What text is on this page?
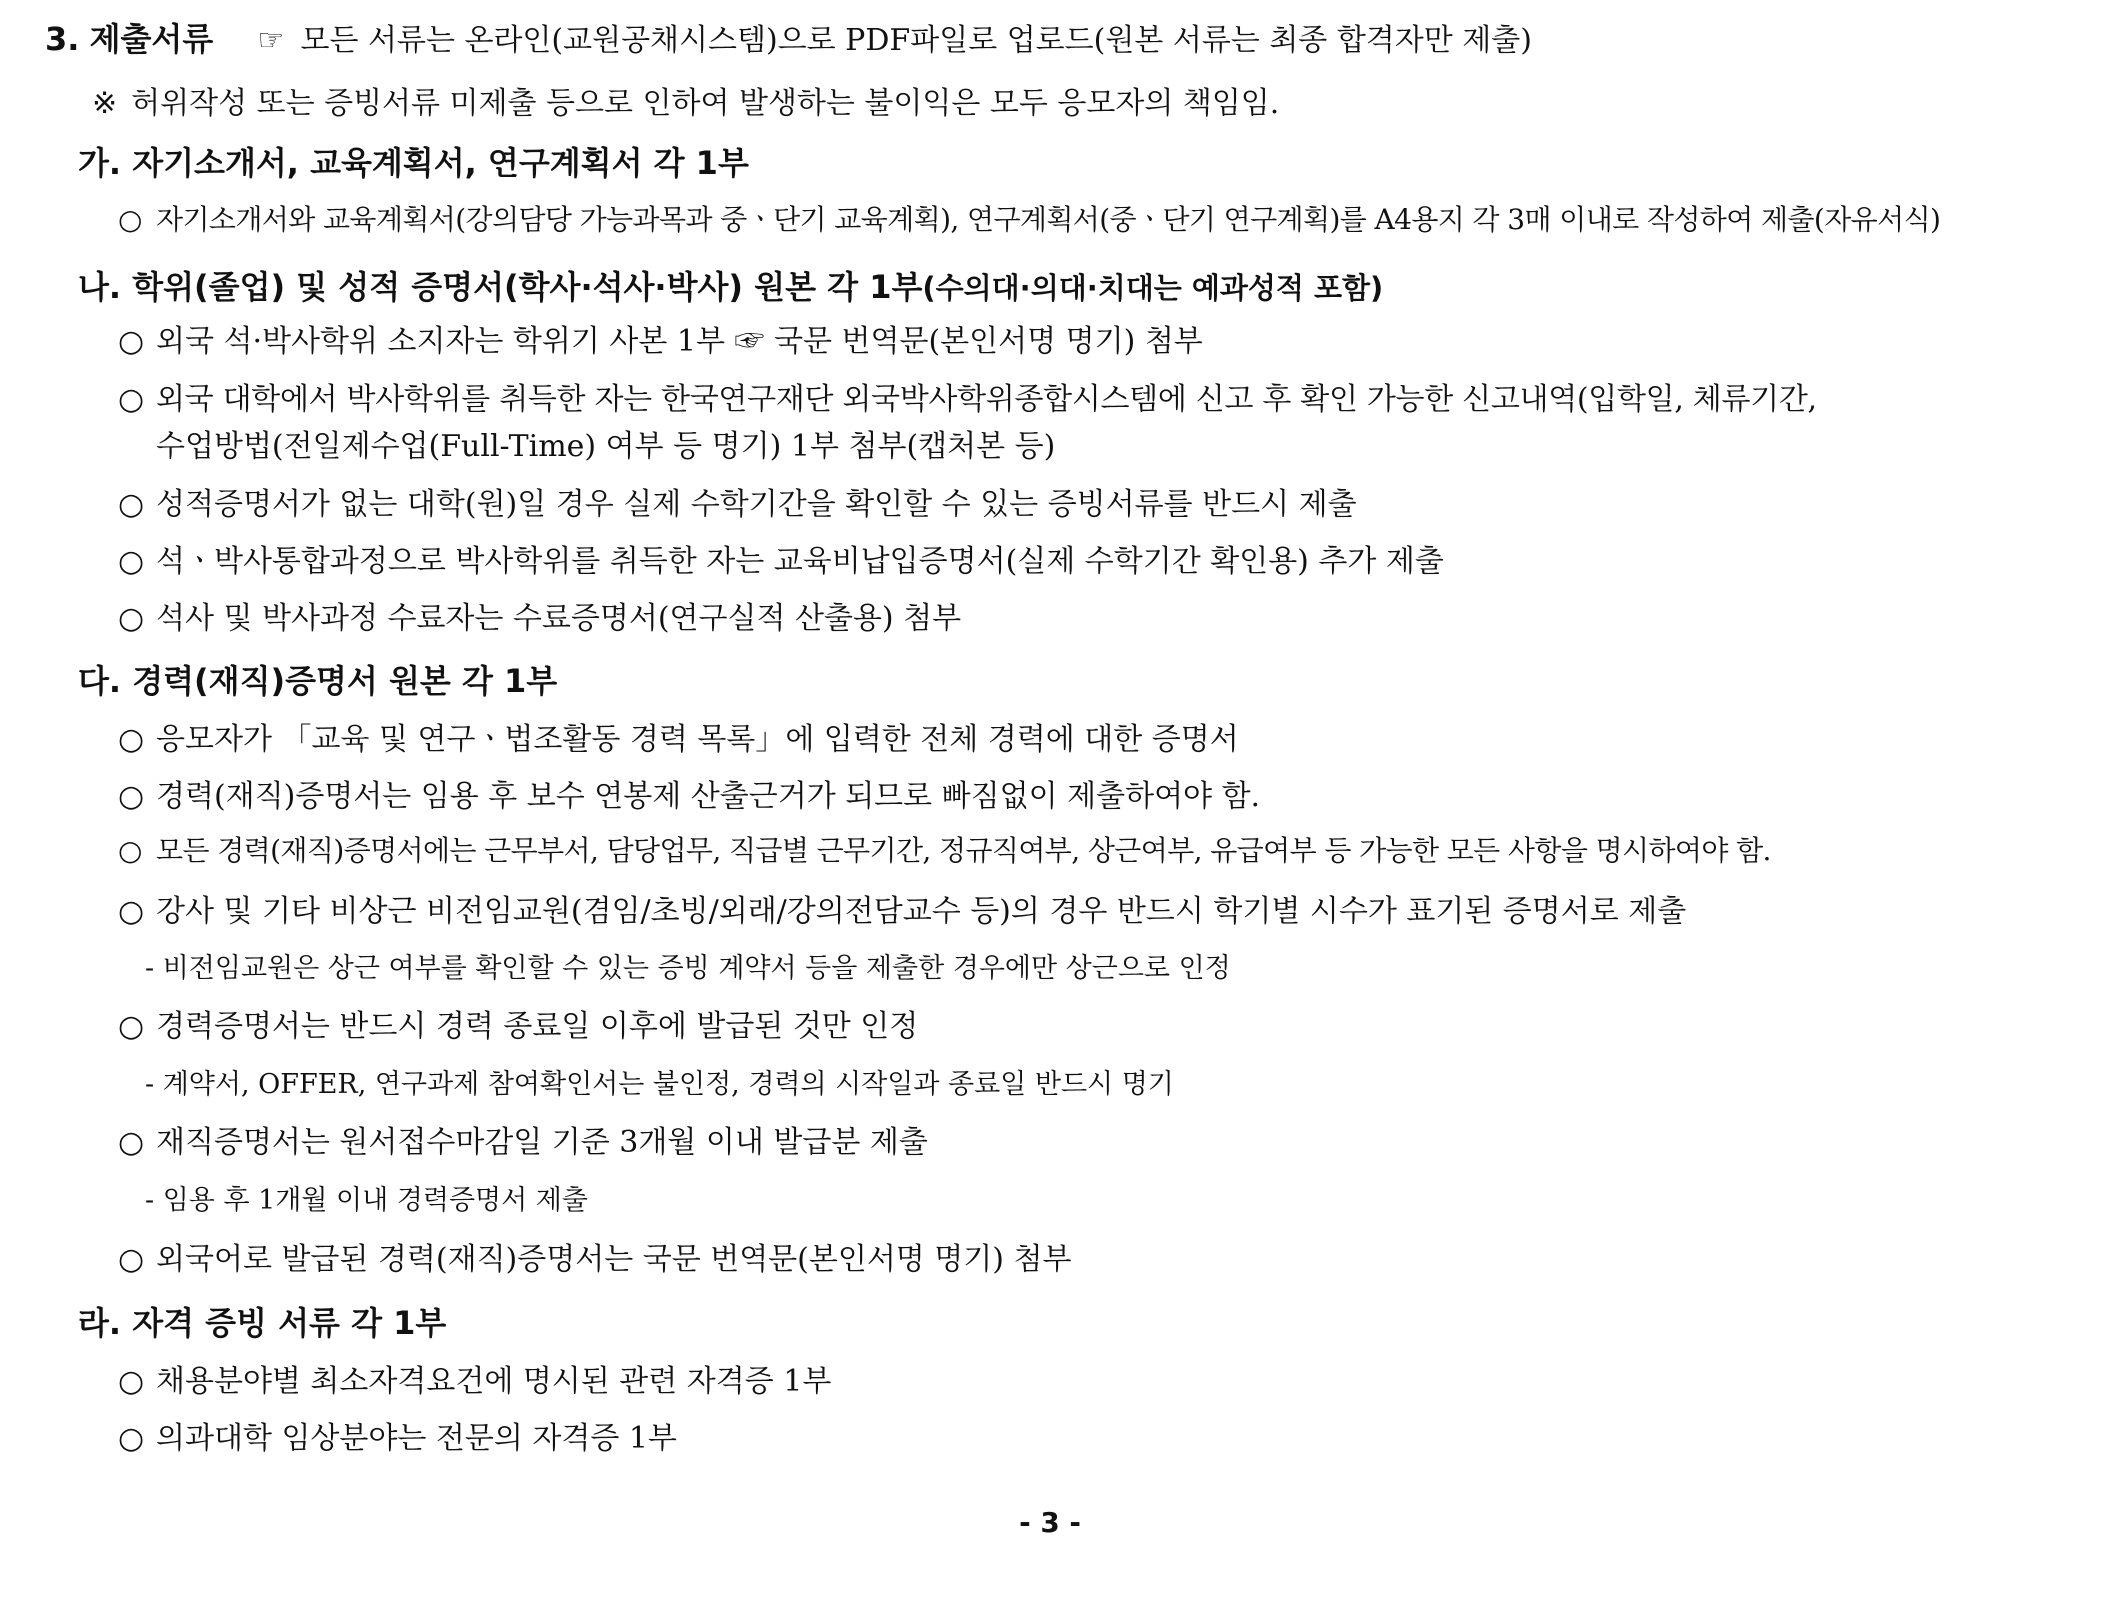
3. 제출서류 ☞ 모든 서류는 온라인(교원공채시스템)으로 PDF파일로 업로드(원본 서류는 최종 합격자만 제출)
※ 허위작성 또는 증빙서류 미제출 등으로 인하여 발생하는 불이익은 모두 응모자의 책임임.
가. 자기소개서, 교육계획서, 연구계획서 각 1부
○ 자기소개서와 교육계획서(강의담당 가능과목과 중ㆍ단기 교육계획), 연구계획서(중ㆍ단기 연구계획)를 A4용지 각 3매 이내로 작성하여 제출(자유서식)
나. 학위(졸업) 및 성적 증명서(학사·석사·박사) 원본 각 1부(수의대·의대·치대는 예과성적 포함)
○ 외국 석·박사학위 소지자는 학위기 사본 1부 ☞ 국문 번역문(본인서명 명기) 첨부
○ 외국 대학에서 박사학위를 취득한 자는 한국연구재단 외국박사학위종합시스템에 신고 후 확인 가능한 신고내역(입학일, 체류기간,
수업방법(전일제수업(Full-Time) 여부 등 명기) 1부 첨부(캡처본 등)
○ 성적증명서가 없는 대학(원)일 경우 실제 수학기간을 확인할 수 있는 증빙서류를 반드시 제출
○ 석ㆍ박사통합과정으로 박사학위를 취득한 자는 교육비납입증명서(실제 수학기간 확인용) 추가 제출
○ 석사 및 박사과정 수료자는 수료증명서(연구실적 산출용) 첨부
다. 경력(재직)증명서 원본 각 1부
○ 응모자가 「교육 및 연구ㆍ법조활동 경력 목록」에 입력한 전체 경력에 대한 증명서
○ 경력(재직)증명서는 임용 후 보수 연봉제 산출근거가 되므로 빠짐없이 제출하여야 함.
○ 모든 경력(재직)증명서에는 근무부서, 담당업무, 직급별 근무기간, 정규직여부, 상근여부, 유급여부 등 가능한 모든 사항을 명시하여야 함.
○ 강사 및 기타 비상근 비전임교원(겸임/초빙/외래/강의전담교수 등)의 경우 반드시 학기별 시수가 표기된 증명서로 제출
- 비전임교원은 상근 여부를 확인할 수 있는 증빙 계약서 등을 제출한 경우에만 상근으로 인정
○ 경력증명서는 반드시 경력 종료일 이후에 발급된 것만 인정
- 계약서, OFFER, 연구과제 참여확인서는 불인정, 경력의 시작일과 종료일 반드시 명기
○ 재직증명서는 원서접수마감일 기준 3개월 이내 발급분 제출
- 임용 후 1개월 이내 경력증명서 제출
○ 외국어로 발급된 경력(재직)증명서는 국문 번역문(본인서명 명기) 첨부
라. 자격 증빙 서류 각 1부
○ 채용분야별 최소자격요건에 명시된 관련 자격증 1부
○ 의과대학 임상분야는 전문의 자격증 1부
- 3 -
